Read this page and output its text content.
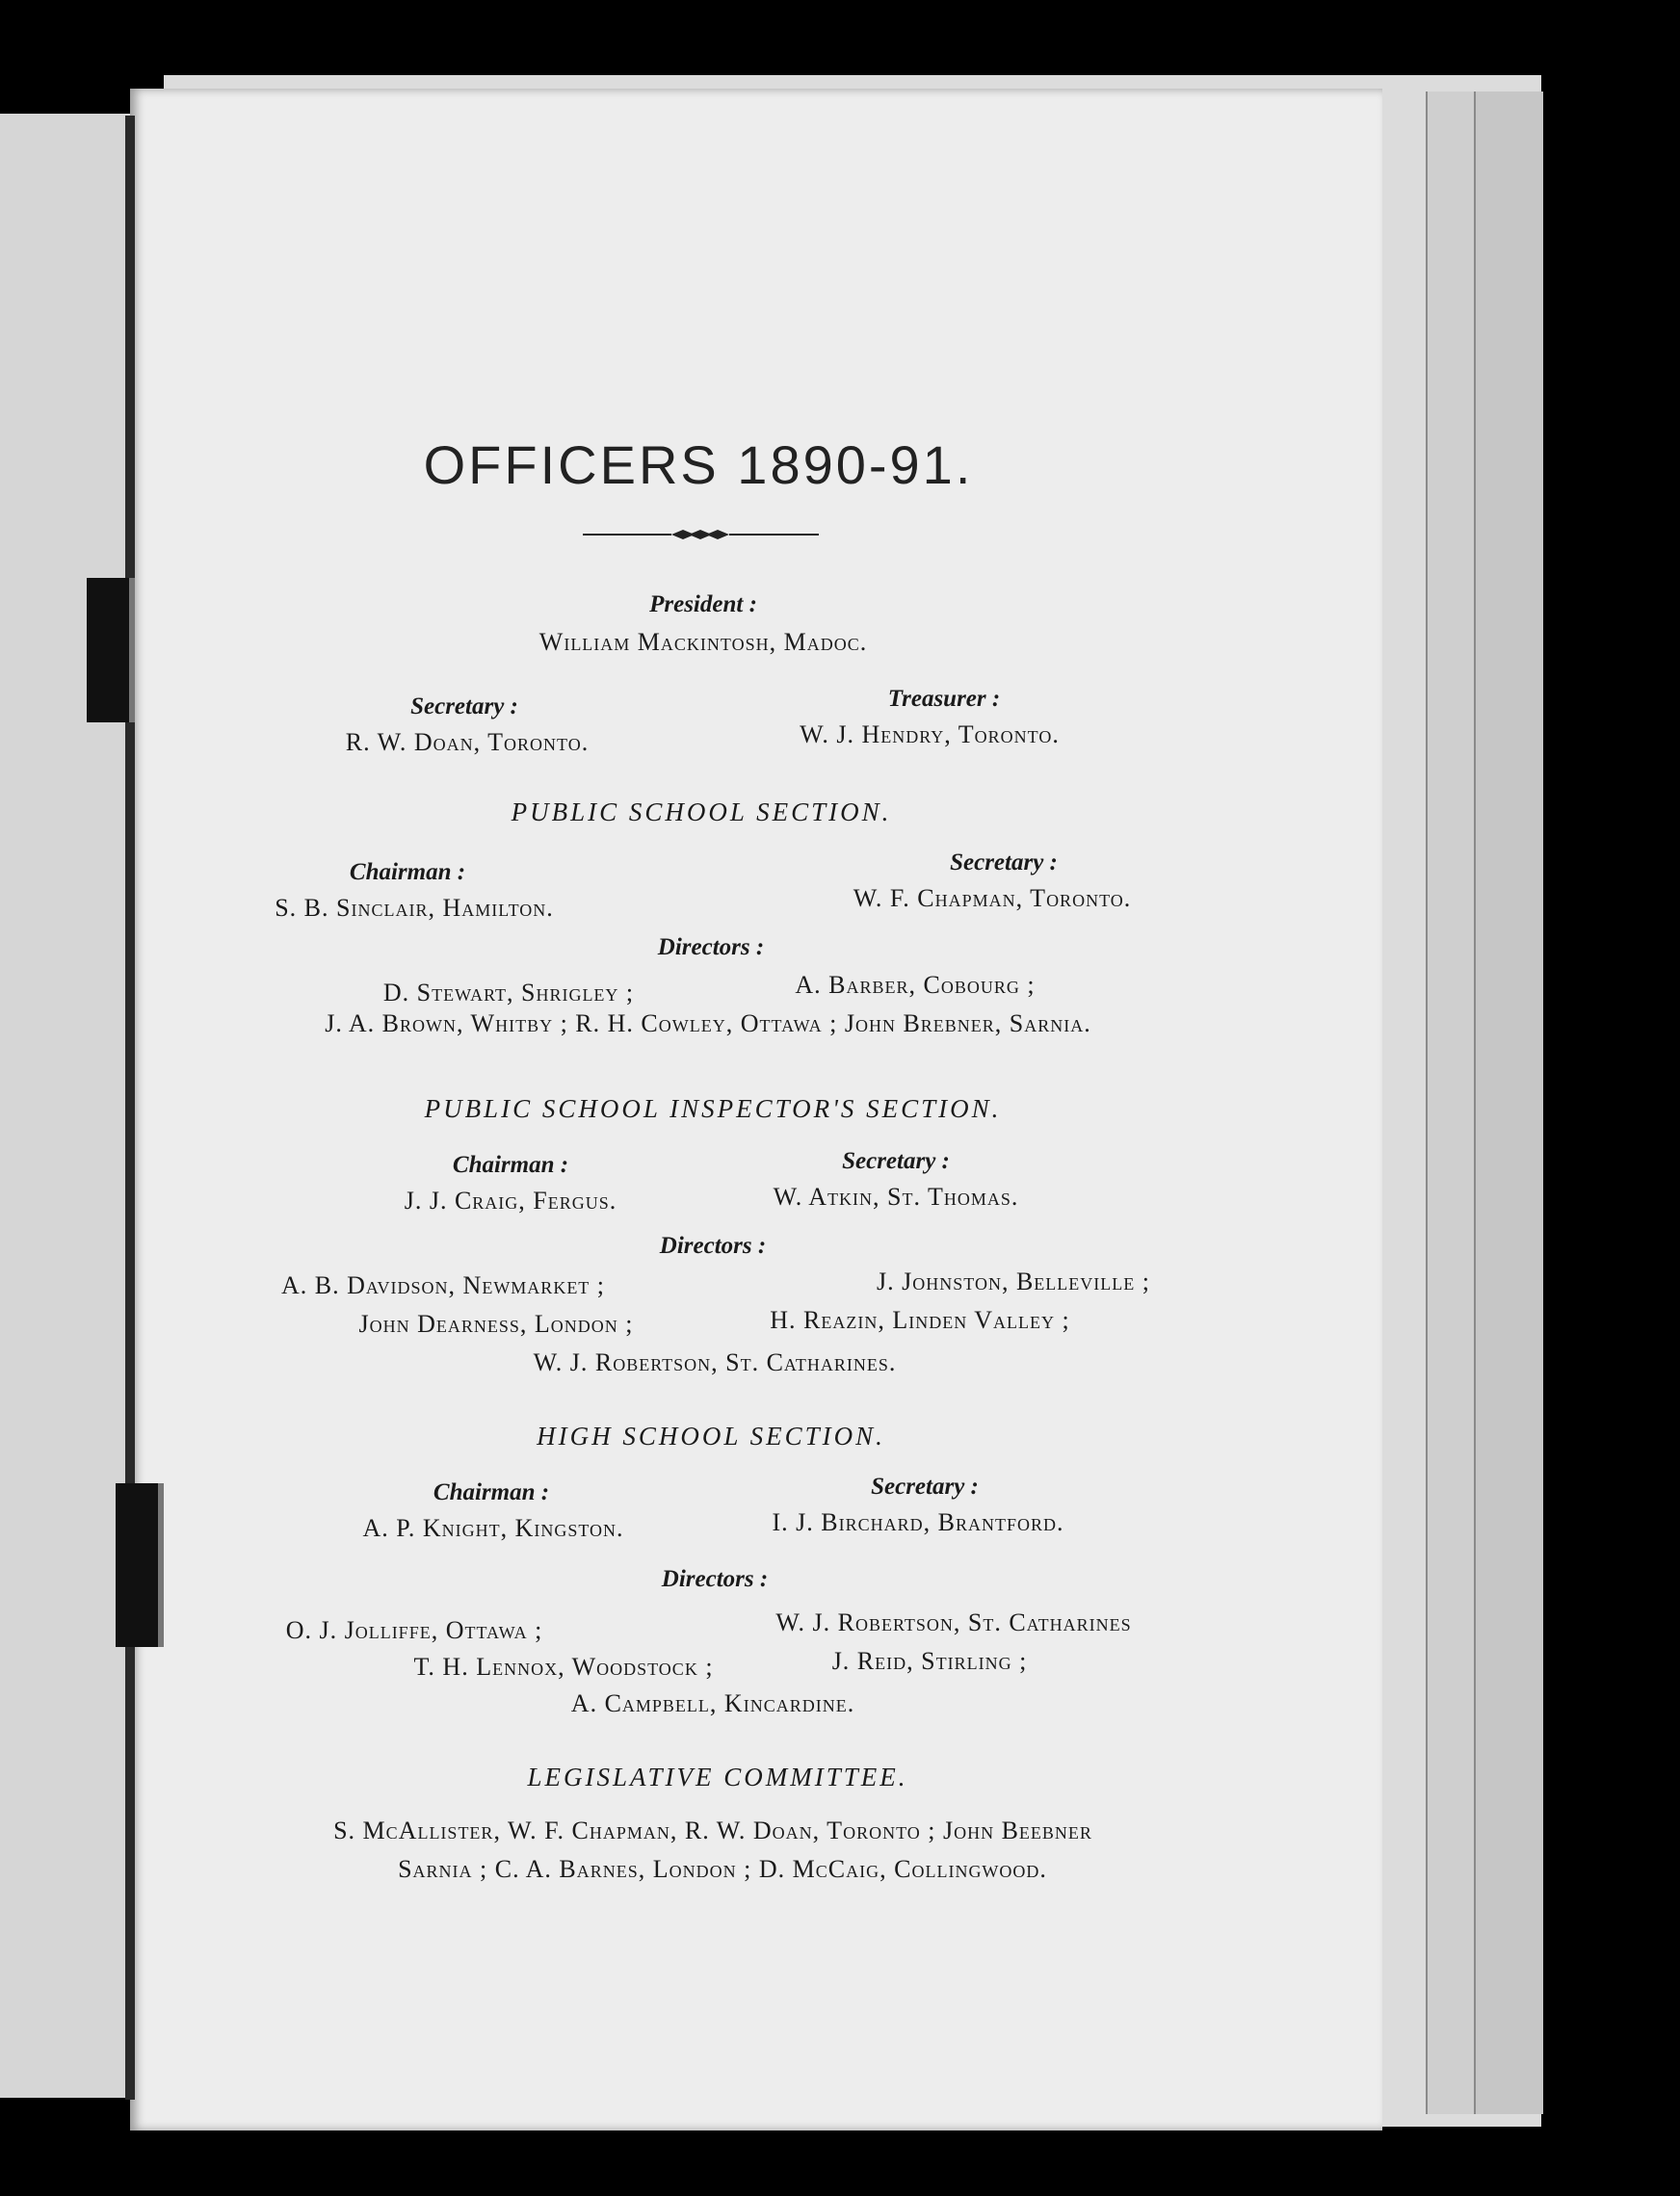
OFFICERS 1890-91.
President :
William Mackintosh, Madoc.
Secretary :
R. W. Doan, Toronto.
Treasurer :
W. J. Hendry, Toronto.
PUBLIC SCHOOL SECTION.
Chairman :
S. B. Sinclair, Hamilton.
Secretary :
W. F. Chapman, Toronto.
Directors :
D. Stewart, Shrigley ;	A. Barber, Cobourg ;
J. A. Brown, Whitby ; R. H. Cowley, Ottawa ; John Brebner, Sarnia.
PUBLIC SCHOOL INSPECTOR'S SECTION.
Chairman :
J. J. Craig, Fergus.
Secretary :
W. Atkin, St. Thomas.
Directors :
A. B. Davidson, Newmarket ;	J. Johnston, Belleville ;
John Dearness, London ;	H. Reazin, Linden Valley ;
W. J. Robertson, St. Catharines.
HIGH SCHOOL SECTION.
Chairman :
A. P. Knight, Kingston.
Secretary :
I. J. Birchard, Brantford.
Directors :
O. J. Jolliffe, Ottawa ;	W. J. Robertson, St. Catharines
T. H. Lennox, Woodstock ;	J. Reid, Stirling ;
A. Campbell, Kincardine.
LEGISLATIVE COMMITTEE.
S. McAllister, W. F. Chapman, R. W. Doan, Toronto ; John Beebner
Sarnia ; C. A. Barnes, London ; D. McCaig, Collingwood.
